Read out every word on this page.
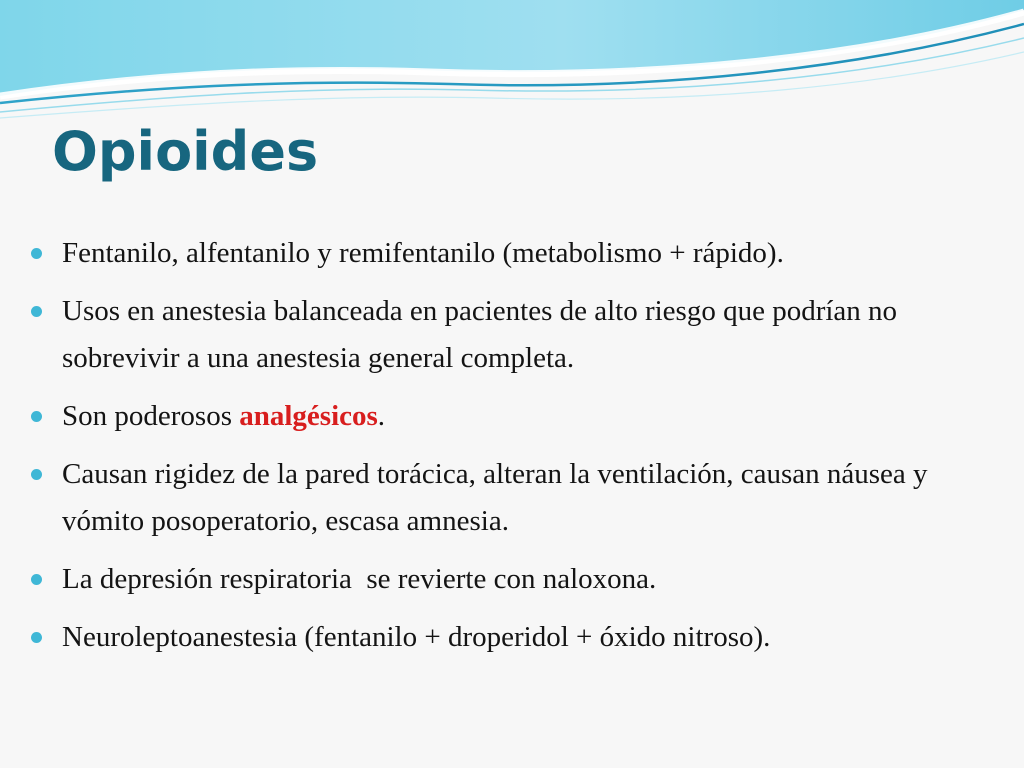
Opioides
Fentanilo, alfentanilo y remifentanilo (metabolismo + rápido).
Usos en anestesia balanceada en pacientes de alto riesgo que podrían no sobrevivir a una anestesia general completa.
Son poderosos analgésicos.
Causan rigidez de la pared torácica, alteran la ventilación, causan náusea y vómito posoperatorio, escasa amnesia.
La depresión respiratoria  se revierte con naloxona.
Neuroleptoanestesia (fentanilo + droperidol + óxido nitroso).
